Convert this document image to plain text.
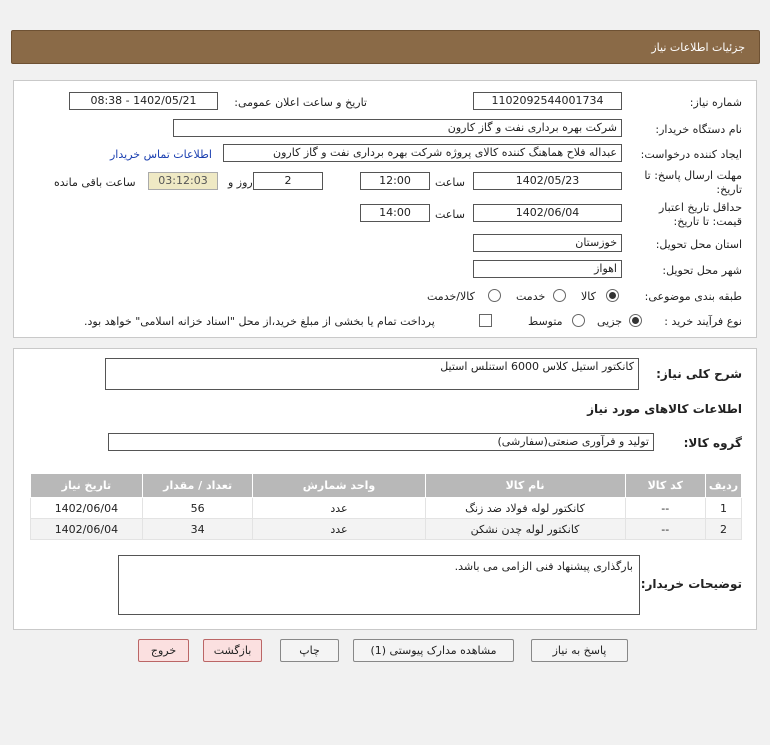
جزئیات اطلاعات نیاز
شماره نیاز:
1102092544001734
تاریخ و ساعت اعلان عمومی:
1402/05/21 - 08:38
نام دستگاه خریدار:
شرکت بهره برداری نفت و گاز کارون
ایجاد کننده درخواست:
عبداله فلاح هماهنگ کننده کالای پروژه شرکت بهره برداری نفت و گاز کارون
اطلاعات تماس خریدار
مهلت ارسال پاسخ: تا
تاریخ:
1402/05/23
ساعت
12:00
2
روز و
03:12:03
ساعت باقی مانده
حداقل تاریخ اعتبار
قیمت: تا تاریخ:
1402/06/04
ساعت
14:00
استان محل تحویل:
خوزستان
شهر محل تحویل:
اهواز
طبقه بندی موضوعی:
کالا
خدمت
کالا/خدمت
نوع فرآیند خرید :
جزیی
متوسط
پرداخت تمام یا بخشی از مبلغ خرید،از محل "اسناد خزانه اسلامی" خواهد بود.
شرح کلی نیاز:
کانکتور استیل کلاس 6000 استنلس استیل
اطلاعات کالاهای مورد نیاز
گروه کالا:
تولید و فرآوری صنعتی(سفارشی)
ردیف	کد کالا	نام کالا	واحد شمارش	تعداد / مقدار	تاریخ نیاز
1	--	کانکتور لوله فولاد ضد زنگ	عدد	56	1402/06/04
2	--	کانکتور لوله چدن نشکن	عدد	34	1402/06/04
توضیحات خریدار:
بارگذاری پیشنهاد فنی الزامی می باشد.
پاسخ به نیاز
مشاهده مدارک پیوستی (1)
چاپ
بازگشت
خروج
